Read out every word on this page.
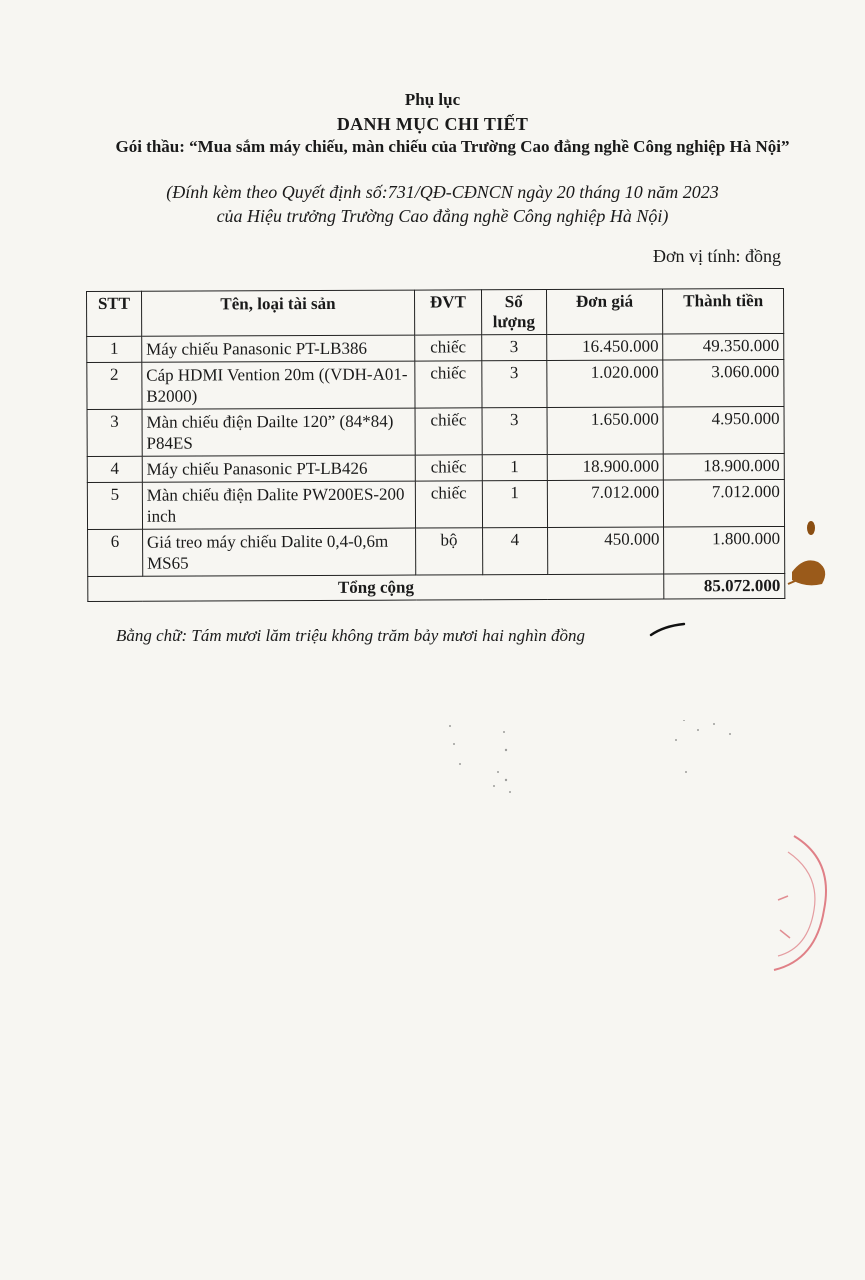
Phụ lục
DANH MỤC CHI TIẾT
Gói thầu: “Mua sắm máy chiếu, màn chiếu của Trường Cao đẳng nghề Công nghiệp Hà Nội”
(Đính kèm theo Quyết định số:731/QĐ-CĐNCN ngày 20 tháng 10 năm 2023
của Hiệu trưởng Trường Cao đẳng nghề Công nghiệp Hà Nội)
Đơn vị tính: đồng
STT	Tên, loại tài sản	ĐVT	Số lượng	Đơn giá	Thành tiền
1	Máy chiếu Panasonic PT-LB386	chiếc	3	16.450.000	49.350.000
2	Cáp HDMI Vention 20m ((VDH-A01-B2000)	chiếc	3	1.020.000	3.060.000
3	Màn chiếu điện Dailte 120” (84*84) P84ES	chiếc	3	1.650.000	4.950.000
4	Máy chiếu Panasonic PT-LB426	chiếc	1	18.900.000	18.900.000
5	Màn chiếu điện Dalite PW200ES-200 inch	chiếc	1	7.012.000	7.012.000
6	Giá treo máy chiếu Dalite 0,4-0,6m MS65	bộ	4	450.000	1.800.000
Tổng cộng					85.072.000
Bằng chữ: Tám mươi lăm triệu không trăm bảy mươi hai nghìn đồng
